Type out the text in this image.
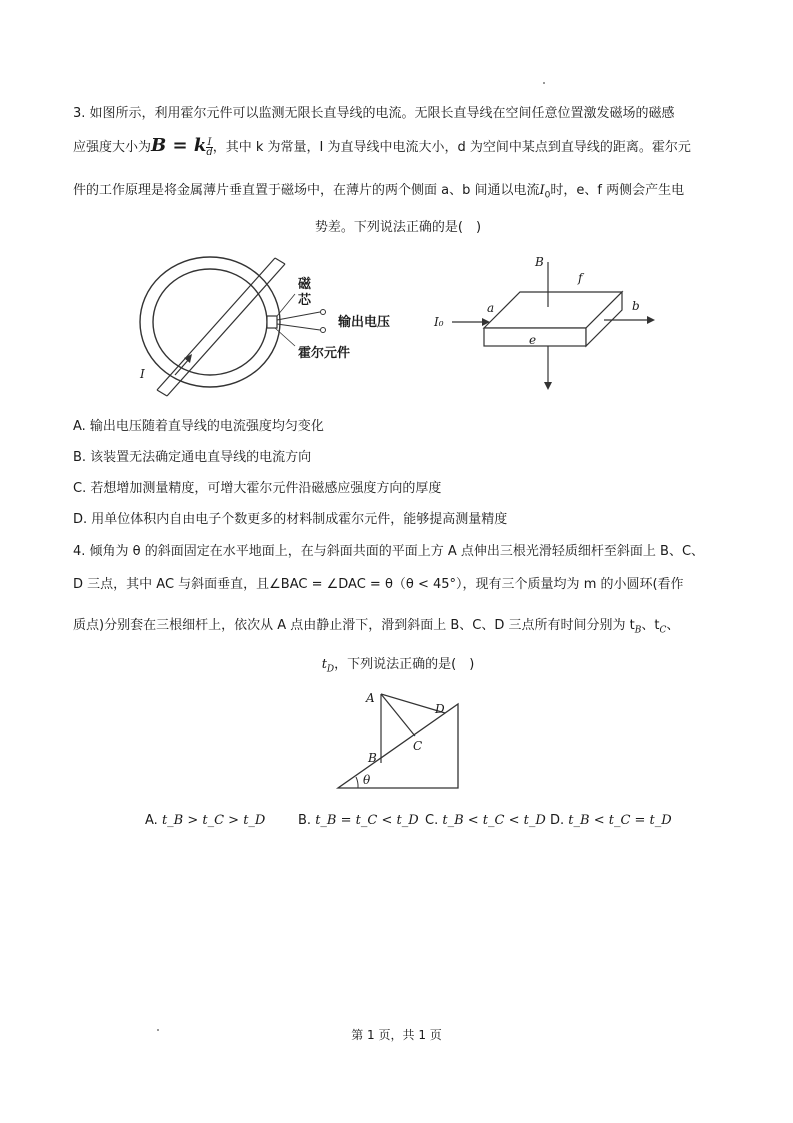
3. 如图所示，利用霍尔元件可以监测无限长直导线的电流。无限长直导线在空间任意位置激发磁场的磁感
应强度大小为B = k $\frac{I}{d}$ ，其中 k 为常量，I 为直导线中电流大小，d 为空间中某点到直导线的距离。霍尔元
件的工作原理是将金属薄片垂直置于磁场中，在薄片的两个侧面 a、b 间通以电流$I_0$时，e、f 两侧会产生电
势差。下列说法正确的是(　)
I
磁
芯
输出电压
霍尔元件
B
f
e
I₀
a	b
A. 输出电压随着直导线的电流强度均匀变化
B. 该装置无法确定通电直导线的电流方向
C. 若想增加测量精度，可增大霍尔元件沿磁感应强度方向的厚度
D. 用单位体积内自由电子个数更多的材料制成霍尔元件，能够提高测量精度
4. 倾角为 θ 的斜面固定在水平地面上，在与斜面共面的平面上方 A 点伸出三根光滑轻质细杆至斜面上 B、C、
D 三点，其中 AC 与斜面垂直，且∠BAC = ∠DAC = θ（θ < 45°），现有三个质量均为 m 的小圆环(看作
质点)分别套在三根细杆上，依次从 A 点由静止滑下，滑到斜面上 B、C、D 三点所有时间分别为 $t_B$、$t_C$、
$t_D$，下列说法正确的是(　)
A
B
C
D
θ
A. t_B > t_C > t_D	B. t_B = t_C < t_D C. t_B < t_C < t_D D. t_B < t_C = t_D
第 1 页，共 1 页
